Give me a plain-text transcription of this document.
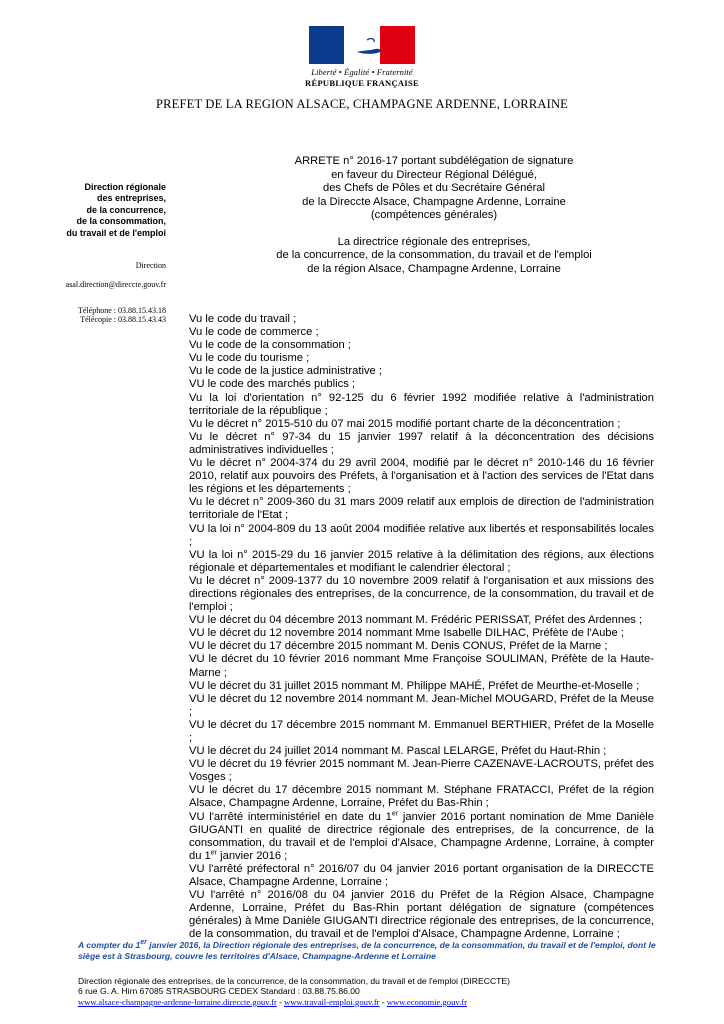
Liberté • Égalité • Fraternité
RÉPUBLIQUE FRANÇAISE
PREFET DE LA REGION ALSACE, CHAMPAGNE ARDENNE, LORRAINE
Direction régionale
des entreprises,
de la concurrence,
de la consommation,
du travail et de l'emploi
Direction
asal.direction@direccte.gouv.fr
Téléphone : 03.88.15.43.18
Télécopie : 03.88.15.43.43
ARRETE n° 2016-17 portant subdélégation de signature
en faveur du Directeur Régional Délégué,
des Chefs de Pôles et du Secrétaire Général
de la Direccte Alsace, Champagne Ardenne, Lorraine
(compétences générales)
La directrice régionale des entreprises,
de la concurrence, de la consommation, du travail et de l'emploi
de la région Alsace, Champagne Ardenne, Lorraine

Vu le code du travail ;

Vu le code de commerce ;

Vu le code de la consommation ;

Vu le code du tourisme ;

Vu le code de la justice administrative ;

VU le code des marchés publics ;

Vu la loi d'orientation n° 92-125 du 6 février 1992 modifiée relative à l'administration territoriale de la république ;

Vu le décret n° 2015-510 du 07 mai 2015 modifié portant charte de la déconcentration ;

Vu le décret n° 97-34 du 15 janvier 1997 relatif à la déconcentration des décisions administratives individuelles ;

Vu le décret n° 2004-374 du 29 avril 2004, modifié par le décret n° 2010-146 du 16 février 2010, relatif aux pouvoirs des Préfets, à l'organisation et à l'action des services de l'Etat dans les régions et les départements ;

Vu le décret n° 2009-360 du 31 mars 2009 relatif aux emplois de direction de l'administration territoriale de l'Etat ;

VU la loi n° 2004-809 du 13 août 2004 modifiée relative aux libertés et responsabilités locales ;

VU la loi n° 2015-29 du 16 janvier 2015 relative à la délimitation des régions, aux élections régionale et départementales et modifiant le calendrier électoral ;

Vu le décret n° 2009-1377 du 10 novembre 2009 relatif à l'organisation et aux missions des directions régionales des entreprises, de la concurrence, de la consommation, du travail et de l'emploi ;

VU le décret du 04 décembre 2013 nommant M. Frédéric PERISSAT, Préfet des Ardennes ;

VU le décret du 12 novembre 2014 nommant Mme Isabelle DILHAC, Préfète de l'Aube ;

VU le décret du 17 décembre 2015 nommant M. Denis CONUS, Préfet de la Marne ;

VU le décret du 10 février 2016 nommant Mme Françoise SOULIMAN, Préfète de la Haute-Marne ;

VU le décret du 31 juillet 2015 nommant M. Philippe MAHÉ, Préfet de Meurthe-et-Moselle ;

VU le décret du 12 novembre 2014 nommant M. Jean-Michel MOUGARD, Préfet de la Meuse ;

VU le décret du 17 décembre 2015 nommant M. Emmanuel BERTHIER, Préfet de la Moselle ;

VU le décret du 24 juillet 2014 nommant M. Pascal LELARGE, Préfet du Haut-Rhin ;

VU le décret du 19 février 2015 nommant M. Jean-Pierre CAZENAVE-LACROUTS, préfet des Vosges ;

VU le décret du 17 décembre 2015 nommant M. Stéphane FRATACCI, Préfet de la région Alsace, Champagne Ardenne, Lorraine, Préfet du Bas-Rhin ;

VU l'arrêté interministériel en date du 1er janvier 2016 portant nomination de Mme Danièle GIUGANTI en qualité de directrice régionale des entreprises, de la concurrence, de la consommation, du travail et de l'emploi d'Alsace, Champagne Ardenne, Lorraine, à compter du 1er janvier 2016 ;

VU l'arrêté préfectoral n° 2016/07 du 04 janvier 2016 portant organisation de la DIRECCTE Alsace, Champagne Ardenne, Lorraine ;

VU l'arrêté n° 2016/08 du 04 janvier 2016 du Préfet de la Région Alsace, Champagne Ardenne, Lorraine, Préfet du Bas-Rhin portant délégation de signature (compétences générales) à Mme Danièle GIUGANTI directrice régionale des entreprises, de la concurrence, de la consommation, du travail et de l'emploi d'Alsace, Champagne Ardenne, Lorraine ;

A compter du 1er janvier 2016, la Direction régionale des entreprises, de la concurrence, de la consommation, du travail et de l'emploi, dont le siège est à Strasbourg, couvre les territoires d'Alsace, Champagne-Ardenne et Lorraine
Direction régionale des entreprises, de la concurrence, de la consommation, du travail et de l'emploi (DIRECCTE)
6 rue G. A. Hirn 67085 STRASBOURG CEDEX Standard : 03.88.75.86.00
www.alsace-champagne-ardenne-lorraine.direccte.gouv.fr - www.travail-emploi.gouv.fr - www.economie.gouv.fr
